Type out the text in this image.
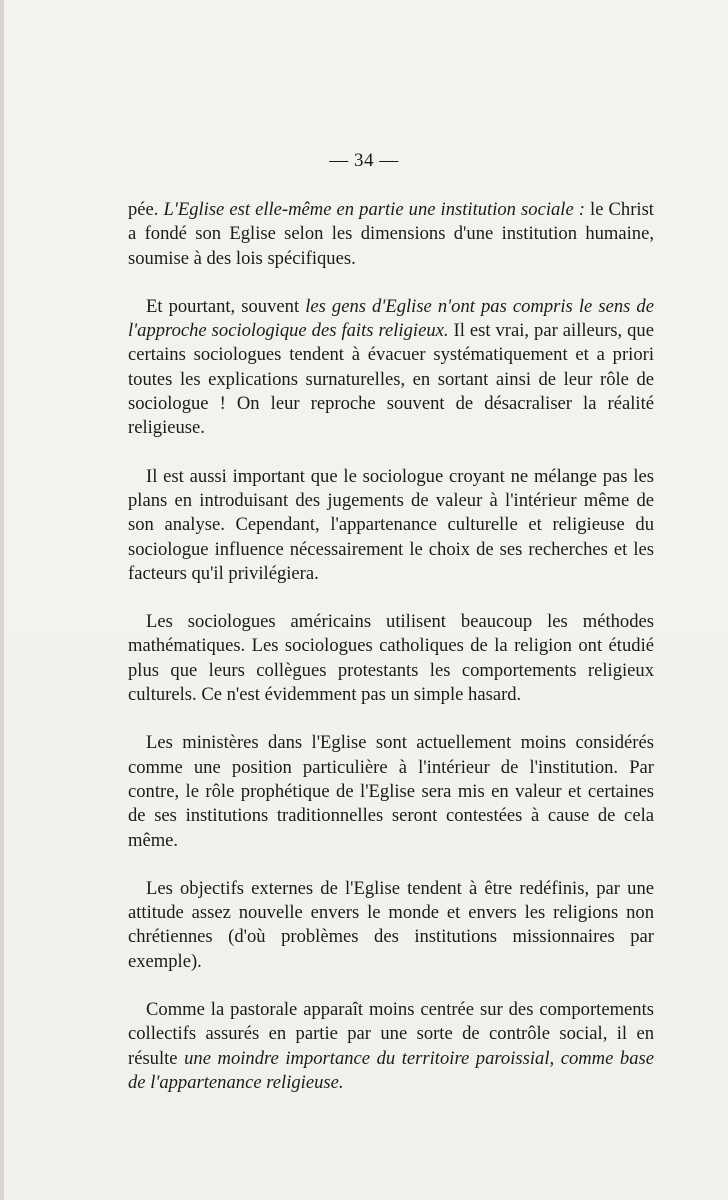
— 34 —

pée. L'Eglise est elle-même en partie une institution sociale : le Christ a fondé son Eglise selon les dimensions d'une institution humaine, soumise à des lois spécifiques.

Et pourtant, souvent les gens d'Eglise n'ont pas compris le sens de l'approche sociologique des faits religieux. Il est vrai, par ailleurs, que certains sociologues tendent à évacuer systématiquement et a priori toutes les explications surnaturelles, en sortant ainsi de leur rôle de sociologue ! On leur reproche souvent de désacraliser la réalité religieuse.

Il est aussi important que le sociologue croyant ne mélange pas les plans en introduisant des jugements de valeur à l'intérieur même de son analyse. Cependant, l'appartenance culturelle et religieuse du sociologue influence nécessairement le choix de ses recherches et les facteurs qu'il privilégiera.

Les sociologues américains utilisent beaucoup les méthodes mathématiques. Les sociologues catholiques de la religion ont étudié plus que leurs collègues protestants les comportements religieux culturels. Ce n'est évidemment pas un simple hasard.

Les ministères dans l'Eglise sont actuellement moins considérés comme une position particulière à l'intérieur de l'institution. Par contre, le rôle prophétique de l'Eglise sera mis en valeur et certaines de ses institutions traditionnelles seront contestées à cause de cela même.

Les objectifs externes de l'Eglise tendent à être redéfinis, par une attitude assez nouvelle envers le monde et envers les religions non chrétiennes (d'où problèmes des institutions missionnaires par exemple).

Comme la pastorale apparaît moins centrée sur des comportements collectifs assurés en partie par une sorte de contrôle social, il en résulte une moindre importance du territoire paroissial, comme base de l'appartenance religieuse.
